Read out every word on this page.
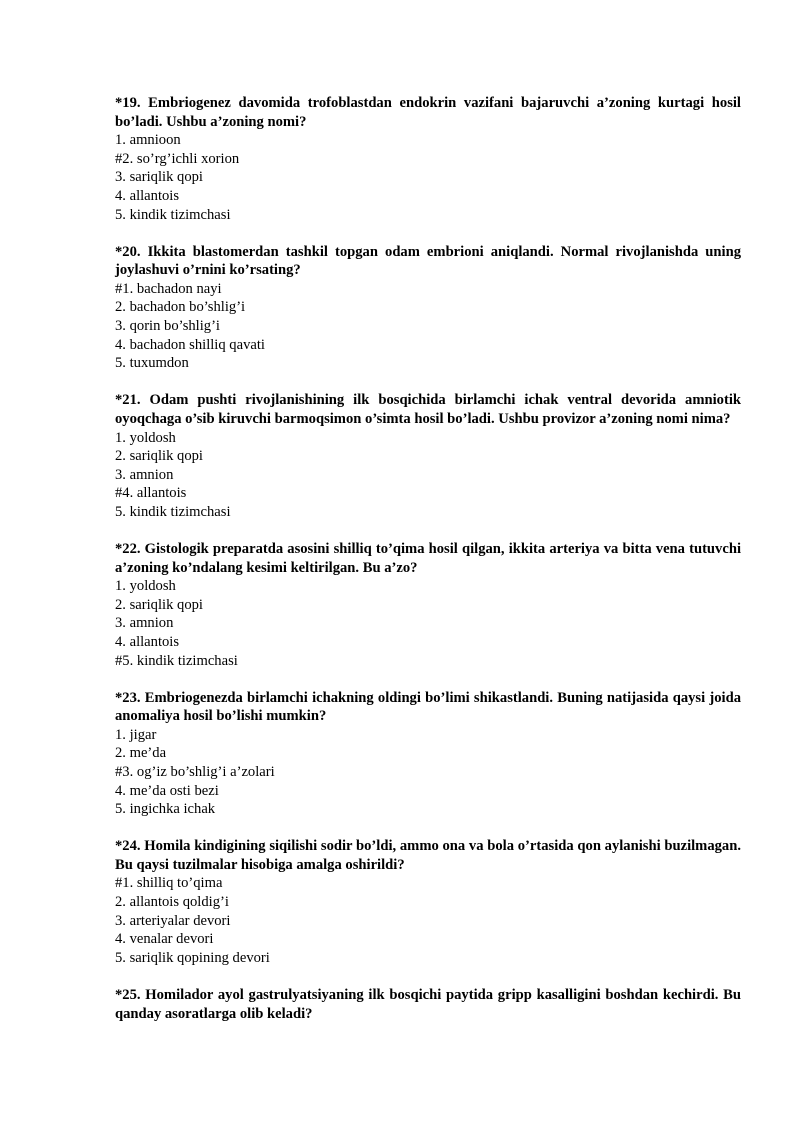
*19. Embriogenez davomida trofoblastdan endokrin vazifani bajaruvchi a’zoning kurtagi hosil bo’ladi. Ushbu a’zoning nomi?

1. amnioon
#2. so’rg’ichli xorion
3. sariqlik qopi
4. allantois
5. kindik tizimchasi

*20. Ikkita blastomerdan tashkil topgan odam embrioni aniqlandi. Normal rivojlanishda uning joylashuvi o’rnini ko’rsating?

#1. bachadon nayi
2. bachadon bo’shlig’i
3. qorin bo’shlig’i
4. bachadon shilliq qavati
5. tuxumdon

*21. Odam pushti rivojlanishining ilk bosqichida birlamchi ichak ventral devorida amniotik oyoqchaga o’sib kiruvchi barmoqsimon o’simta hosil bo’ladi. Ushbu provizor a’zoning nomi nima?

1. yoldosh
2. sariqlik qopi
3. amnion
#4. allantois
5. kindik tizimchasi

*22. Gistologik preparatda asosini shilliq to’qima hosil qilgan, ikkita arteriya va bitta vena tutuvchi a’zoning ko’ndalang kesimi keltirilgan. Bu a’zo?

1. yoldosh
2. sariqlik qopi
3. amnion
4. allantois
#5. kindik tizimchasi

*23. Embriogenezda birlamchi ichakning oldingi bo’limi shikastlandi. Buning natijasida qaysi joida anomaliya hosil bo’lishi mumkin?

1. jigar
2. me’da
#3. og’iz bo’shlig’i a’zolari
4. me’da osti bezi
5. ingichka ichak

*24. Homila kindigining siqilishi sodir bo’ldi, ammo ona va bola o’rtasida qon aylanishi buzilmagan. Bu qaysi tuzilmalar hisobiga amalga oshirildi?

#1. shilliq to’qima
2. allantois qoldig’i
3. arteriyalar devori
4. venalar devori
5. sariqlik qopining devori

*25. Homilador ayol gastrulyatsiyaning ilk bosqichi paytida gripp kasalligini boshdan kechirdi. Bu qanday asoratlarga olib keladi?
